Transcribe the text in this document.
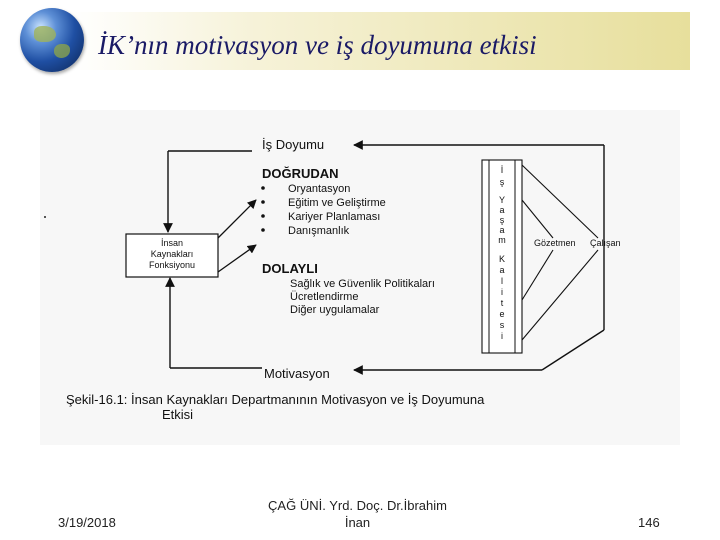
İK’nın motivasyon ve iş doyumuna etkisi
İnsan
Kaynakları
Fonksiyonu
İş Doyumu
DOĞRUDAN
Oryantasyon
Eğitim ve Geliştirme
Kariyer Planlaması
Danışmanlık
DOLAYLI
Sağlık ve Güvenlik Politikaları
Ücretlendirme
Diğer uygulamalar
Motivasyon
İ
ş
Y
a
ş
a
m
K
a
l
i
t
e
s
i
Gözetmen Çalışan
Şekil-16.1: İnsan Kaynakları Departmanının Motivasyon ve İş Doyumuna
Etkisi
3/19/2018
ÇAĞ ÜNİ. Yrd. Doç. Dr.İbrahim
İnan	146
